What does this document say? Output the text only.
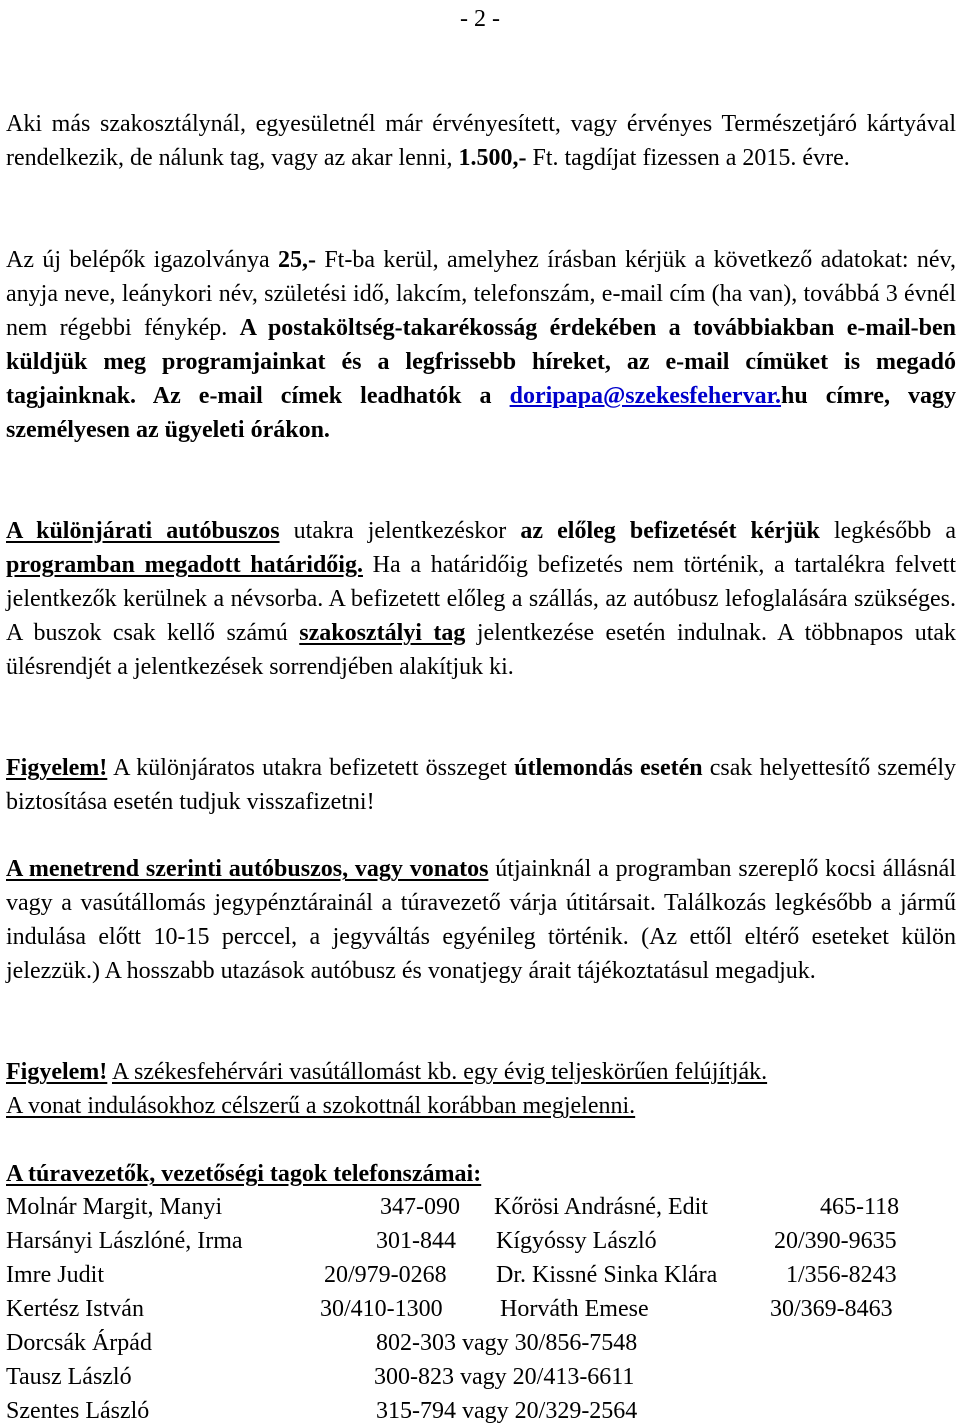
- 2 -
Aki más szakosztálynál, egyesületnél már érvényesített, vagy érvényes Természetjáró kártyával rendelkezik, de nálunk tag, vagy az akar lenni, 1.500,- Ft. tagdíjat fizessen a 2015. évre.
Az új belépők igazolványa 25,- Ft-ba kerül, amelyhez írásban kérjük a következő adatokat: név, anyja neve, leánykori név, születési idő, lakcím, telefonszám, e-mail cím (ha van), továbbá 3 évnél nem régebbi fénykép. A postaköltség-takarékosság érdekében a továbbiakban e-mail-ben küldjük meg programjainkat és a legfrissebb híreket, az e-mail címüket is megadó tagjainknak. Az e-mail címek leadhatók a doripapa@szekesfehervar.hu címre, vagy személyesen az ügyeleti órákon.
A különjárati autóbuszos utakra jelentkezéskor az előleg befizetését kérjük legkésőbb a programban megadott határidőig. Ha a határidőig befizetés nem történik, a tartalékra felvett jelentkezők kerülnek a névsorba. A befizetett előleg a szállás, az autóbusz lefoglalására szükséges. A buszok csak kellő számú szakosztályi tag jelentkezése esetén indulnak. A többnapos utak ülésrendjét a jelentkezések sorrendjében alakítjuk ki.
Figyelem! A különjáratos utakra befizetett összeget útlemondás esetén csak helyettesítő személy biztosítása esetén tudjuk visszafizetni!
A menetrend szerinti autóbuszos, vagy vonatos útjainknál a programban szereplő kocsi állásnál vagy a vasútállomás jegypénztárainál a túravezető várja útitársait. Találkozás legkésőbb a jármű indulása előtt 10-15 perccel, a jegyváltás egyénileg történik. (Az ettől eltérő eseteket külön jelezzük.) A hosszabb utazások autóbusz és vonatjegy árait tájékoztatásul megadjuk.
Figyelem! A székesfehérvári vasútállomást kb. egy évig teljeskörűen felújítják.
A vonat indulásokhoz célszerű a szokottnál korábban megjelenni.
A túravezetők, vezetőségi tagok telefonszámai:
Molnár Margit, Manyi	347-090 Kőrösi Andrásné, Edit	465-118
Harsányi Lászlóné, Irma	301-844 Kígyóssy László	20/390-9635
Imre Judit	20/979-0268 Dr. Kissné Sinka Klára	1/356-8243
Kertész István	30/410-1300 Horváth Emese	30/369-8463
Dorcsák Árpád	802-303 vagy 30/856-7548
Tausz László	300-823 vagy 20/413-6611
Szentes László	315-794 vagy 20/329-2564
